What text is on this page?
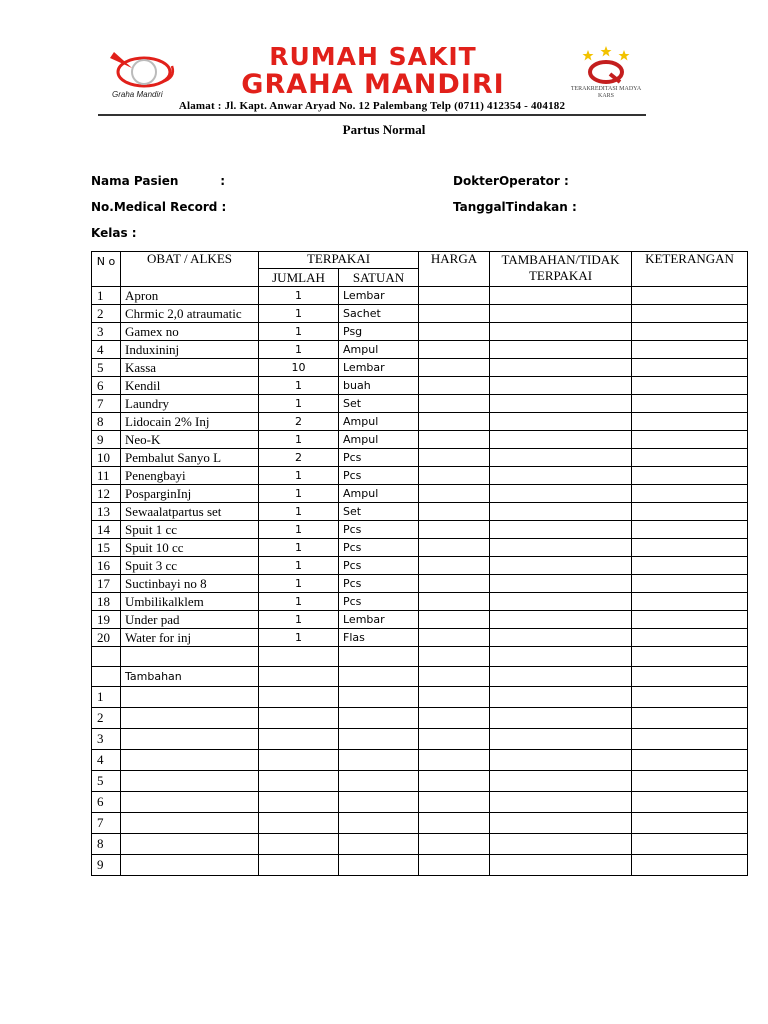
Graha Mandiri
RUMAH SAKIT
GRAHA MANDIRI	TERAKREDITASI MADYA KARS
Alamat : Jl. Kapt. Anwar Aryad No. 12 Palembang Telp (0711) 412354 - 404182
Partus Normal
Nama Pasien          :
No.Medical Record :
Kelas :
DokterOperator :
TanggalTindakan :
N o	OBAT / ALKES	TERPAKAI		HARGA	TAMBAHAN/TIDAK TERPAKAI	KETERANGAN
		JUMLAH	SATUAN			
1	Apron	1	Lembar			
2	Chrmic 2,0 atraumatic	1	Sachet			
3	Gamex no	1	Psg			
4	Induxininj	1	Ampul			
5	Kassa	10	Lembar			
6	Kendil	1	buah			
7	Laundry	1	Set			
8	Lidocain 2% Inj	2	Ampul			
9	Neo-K	1	Ampul			
10	Pembalut Sanyo L	2	Pcs			
11	Penengbayi	1	Pcs			
12	PosparginInj	1	Ampul			
13	Sewaalatpartus set	1	Set			
14	Spuit 1 cc	1	Pcs			
15	Spuit 10 cc	1	Pcs			
16	Spuit 3 cc	1	Pcs			
17	Suctinbayi no 8	1	Pcs			
18	Umbilikalklem	1	Pcs			
19	Under pad	1	Lembar			
20	Water for inj	1	Flas			

	Tambahan					
1						
2						
3						
4						
5						
6						
7						
8						
9						
